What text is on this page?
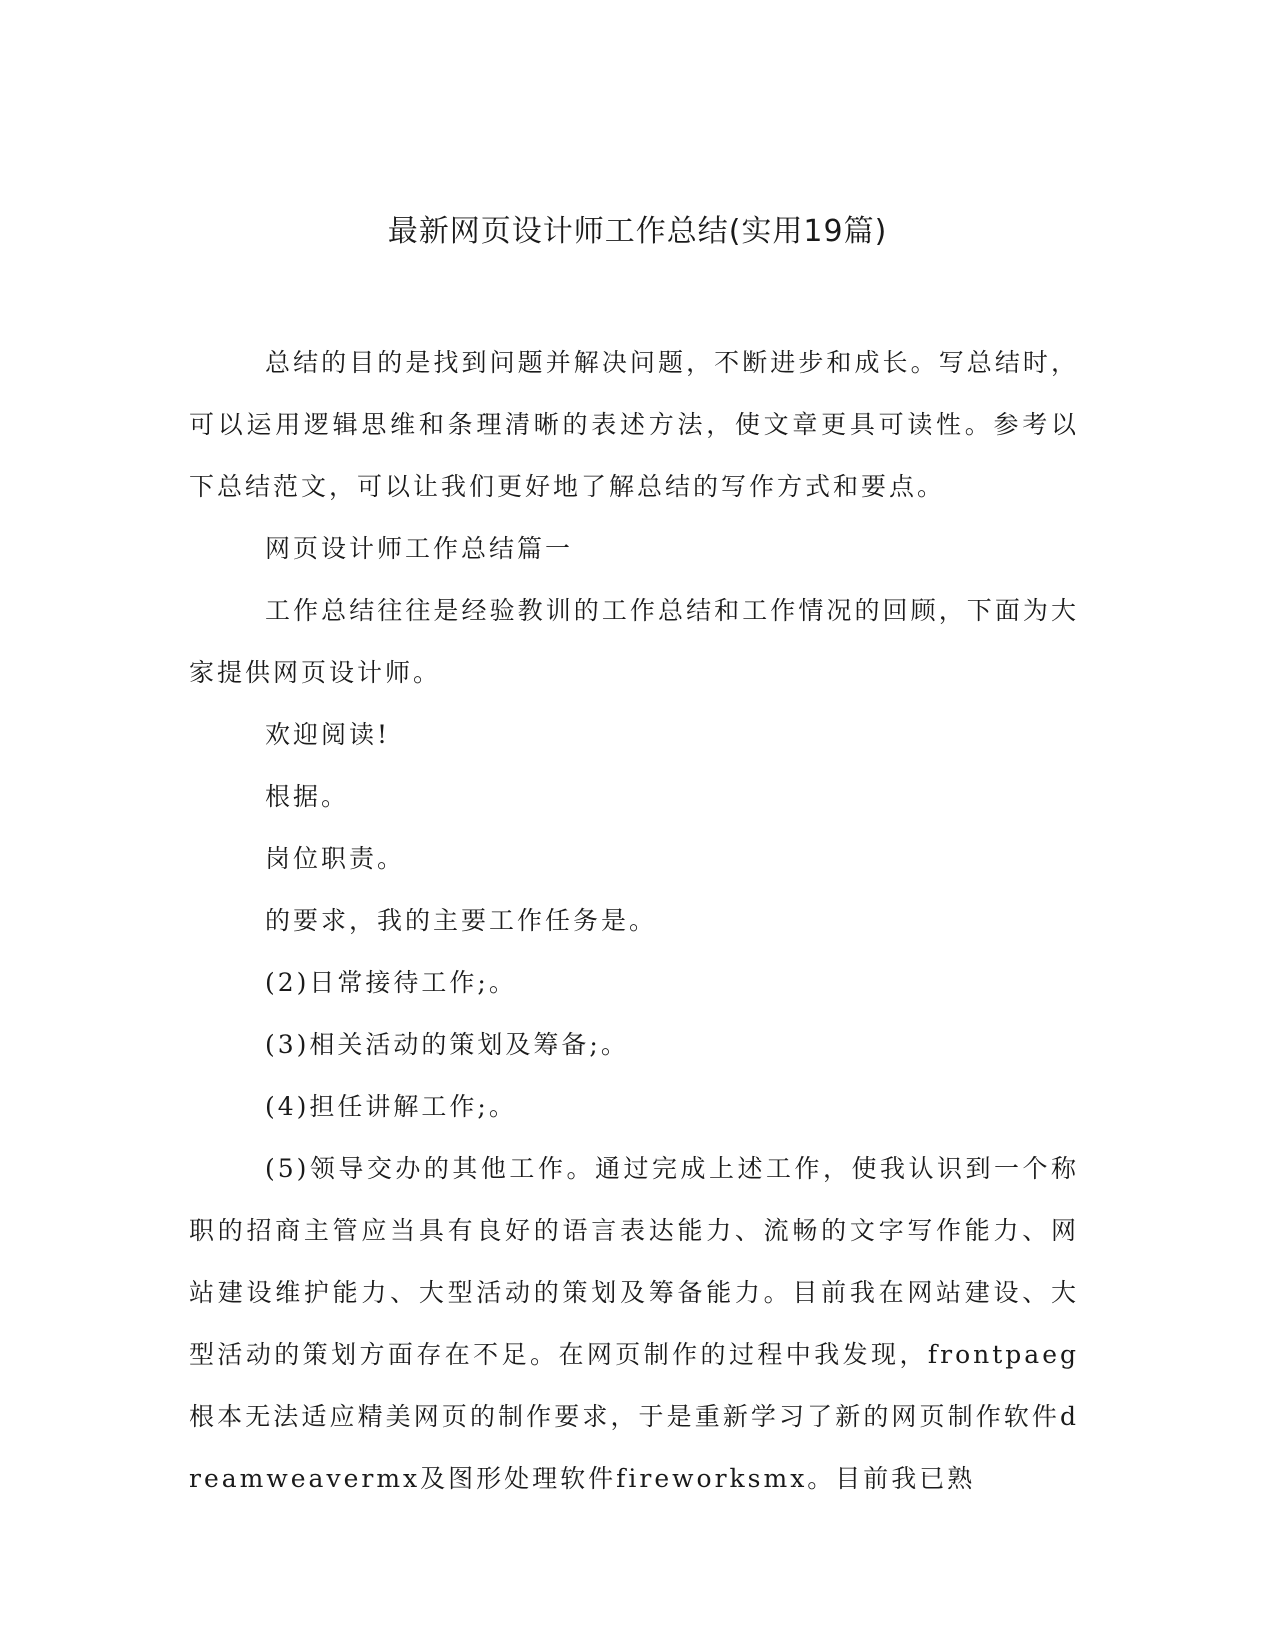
最新网页设计师工作总结(实用19篇)

总结的目的是找到问题并解决问题，不断进步和成长。写总结时，可以运用逻辑思维和条理清晰的表述方法，使文章更具可读性。参考以下总结范文，可以让我们更好地了解总结的写作方式和要点。

网页设计师工作总结篇一

工作总结往往是经验教训的工作总结和工作情况的回顾，下面为大家提供网页设计师。

欢迎阅读!

根据。

岗位职责。

的要求，我的主要工作任务是。

(2)日常接待工作;。

(3)相关活动的策划及筹备;。

(4)担任讲解工作;。

(5)领导交办的其他工作。通过完成上述工作，使我认识到一个称职的招商主管应当具有良好的语言表达能力、流畅的文字写作能力、网站建设维护能力、大型活动的策划及筹备能力。目前我在网站建设、大型活动的策划方面存在不足。在网页制作的过程中我发现，frontpaeg根本无法适应精美网页的制作要求，于是重新学习了新的网页制作软件dreamweavermx及图形处理软件fireworksmx。目前我已熟
